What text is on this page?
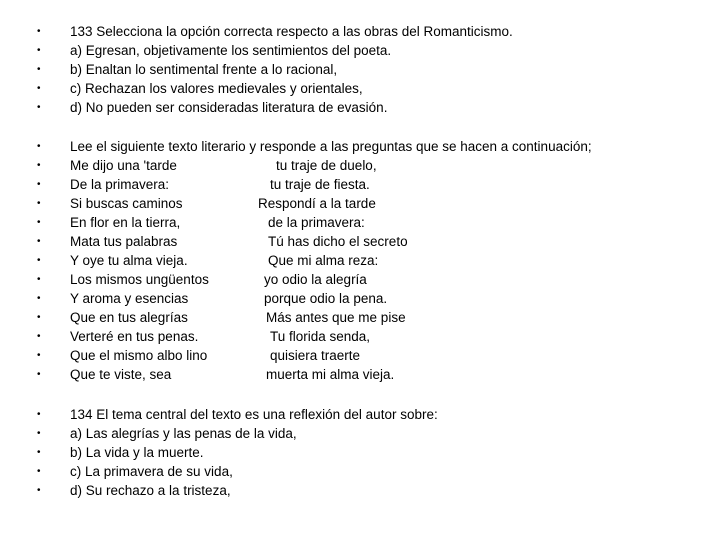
• 133 Selecciona la opción correcta respecto a las obras del Romanticismo.
• a) Egresan, objetivamente los sentimientos del poeta.
• b) Enaltan lo sentimental frente a lo racional,
• c) Rechazan los valores medievales y orientales,
• d) No pueden ser consideradas literatura de evasión.
• Lee el siguiente texto literario y responde a las preguntas que se hacen a continuación;
• Me dijo una 'tarde	tu traje de duelo,
• De la primavera:	tu traje de fiesta.
• Si buscas caminos	Respondí a la tarde
• En flor en la tierra,	de la primavera:
• Mata tus palabras	Tú has dicho el secreto
• Y oye tu alma vieja.	Que mi alma reza:
• Los mismos ungüentos	yo odio la alegría
• Y aroma y esencias	porque odio la pena.
• Que en tus alegrías	Más antes que me pise
• Verteré en tus penas.	Tu florida senda,
• Que el mismo albo lino	quisiera traerte
• Que te viste, sea	muerta mi alma vieja.
• 134 El tema central del texto es una reflexión del autor sobre:
• a) Las alegrías y las penas de la vida,
• b) La vida y la muerte.
• c) La primavera de su vida,
• d) Su rechazo a la tristeza,
